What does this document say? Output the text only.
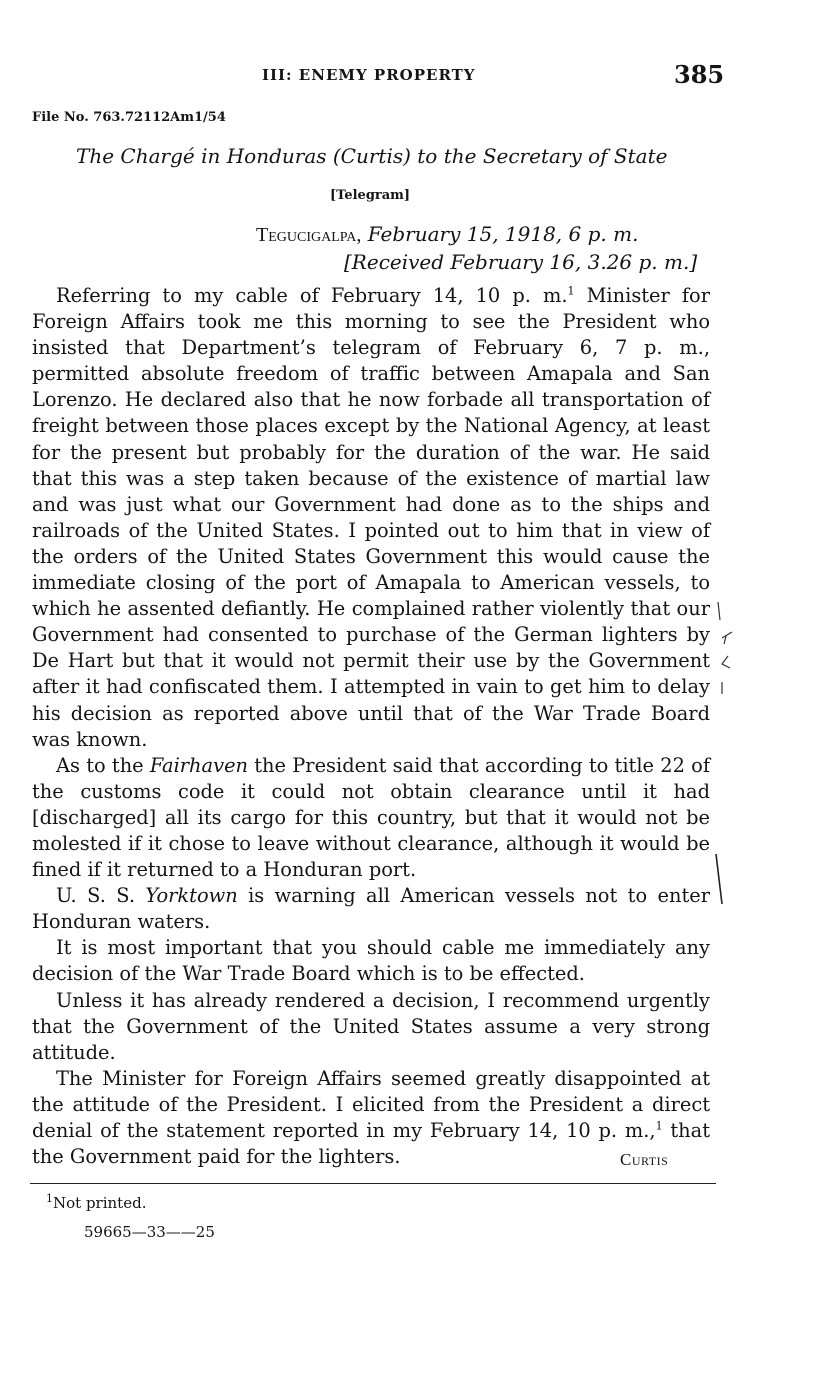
III: ENEMY PROPERTY	385
File No. 763.72112Am1/54
The Chargé in Honduras (Curtis) to the Secretary of State
[Telegram]
Tegucigalpa, February 15, 1918, 6 p. m.
[Received February 16, 3.26 p. m.]

Referring to my cable of February 14, 10 p. m.$^1$ Minister for Foreign Affairs took me this morning to see the President who insisted that Department’s telegram of February 6, 7 p. m., permitted absolute freedom of traffic between Amapala and San Lorenzo. He declared also that he now forbade all transportation of freight between those places except by the National Agency, at least for the present but probably for the duration of the war. He said that this was a step taken because of the existence of martial law and was just what our Government had done as to the ships and railroads of the United States. I pointed out to him that in view of the orders of the United States Government this would cause the immediate closing of the port of Amapala to American vessels, to which he assented defiantly. He complained rather violently that our Government had consented to purchase of the German lighters by De Hart but that it would not permit their use by the Government after it had confiscated them. I attempted in vain to get him to delay his decision as reported above until that of the War Trade Board was known.

As to the Fairhaven the President said that according to title 22 of the customs code it could not obtain clearance until it had [discharged] all its cargo for this country, but that it would not be molested if it chose to leave without clearance, although it would be fined if it returned to a Honduran port.

U. S. S. Yorktown is warning all American vessels not to enter Honduran waters.

It is most important that you should cable me immediately any decision of the War Trade Board which is to be effected.

Unless it has already rendered a decision, I recommend urgently that the Government of the United States assume a very strong attitude.

The Minister for Foreign Affairs seemed greatly disappointed at the attitude of the President. I elicited from the President a direct denial of the statement reported in my February 14, 10 p. m.,$^1$ that the Government paid for the lighters.	Curtis
$^1$Not printed.
59665—33——25
